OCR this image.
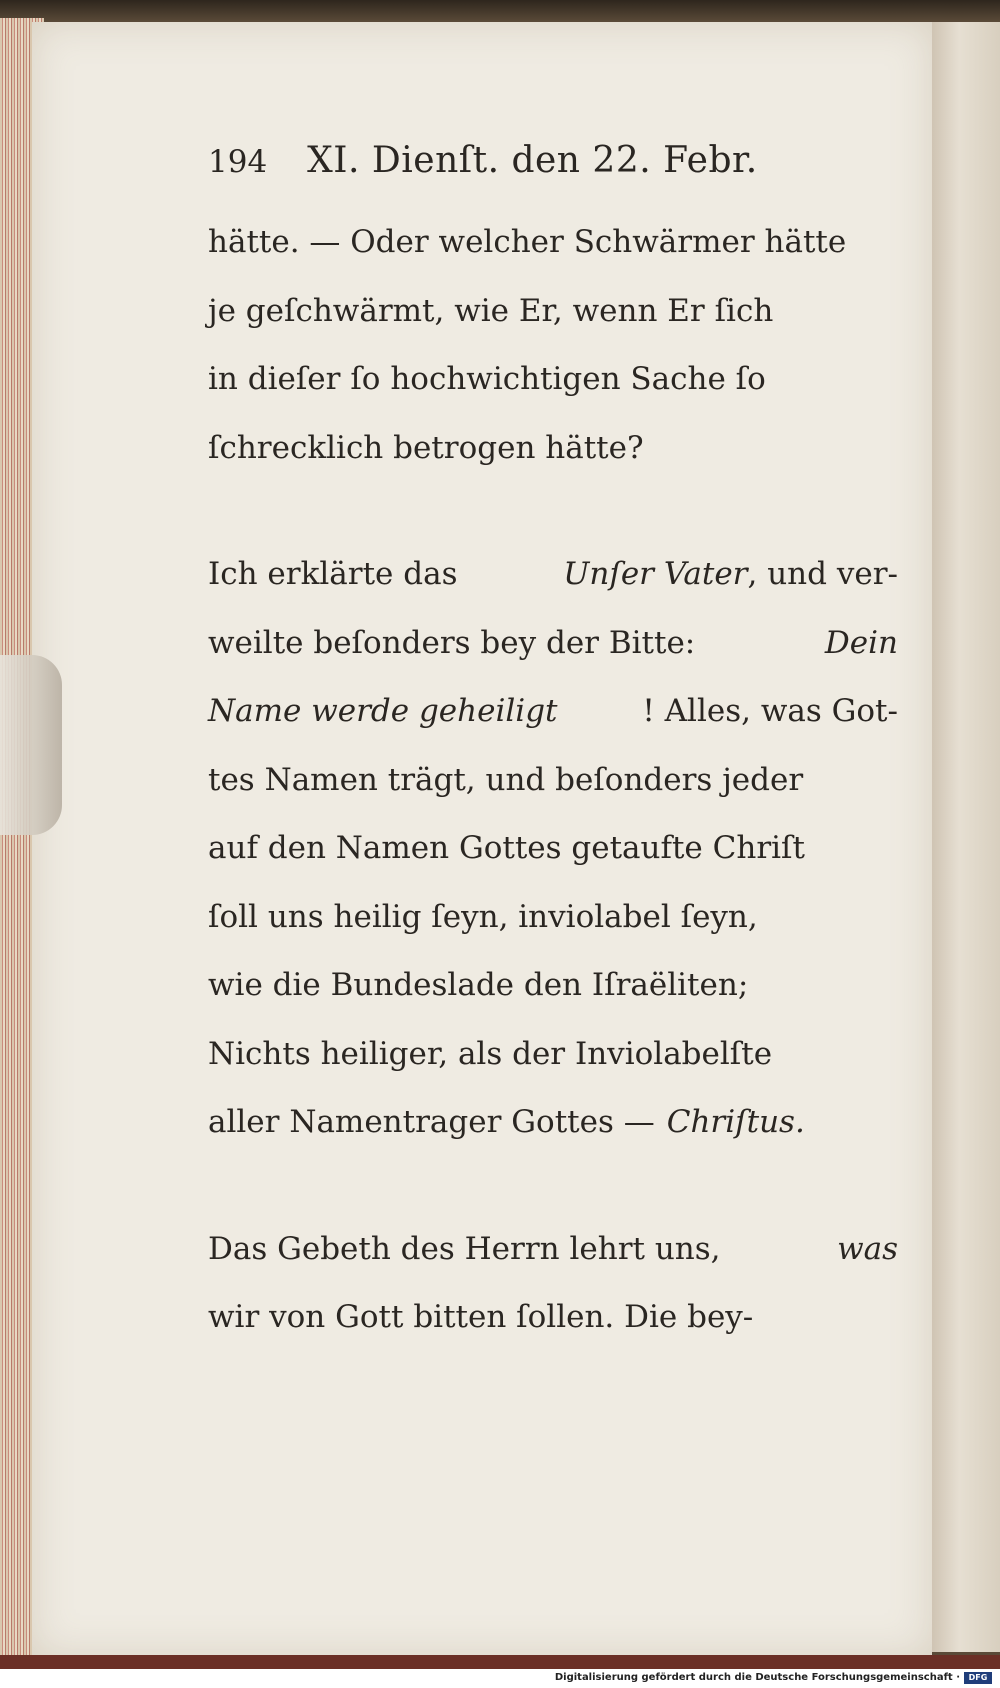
194 XI. Dienſt. den 22. Febr.
hätte. — Oder welcher Schwärmer hätte
je geſchwärmt, wie Er, wenn Er ſich
in dieſer ſo hochwichtigen Sache ſo
ſchrecklich betrogen hätte?
Ich erklärte das	Unſer Vater, und ver-
weilte beſonders bey der Bitte:	Dein
Name werde geheiligt	! Alles, was Got-
tes Namen trägt, und beſonders jeder
auf den Namen Gottes getaufte Chriſt
ſoll uns heilig ſeyn, inviolabel ſeyn,
wie die Bundeslade den Iſraëliten;
Nichts heiliger, als der Inviolabelſte
aller Namentrager Gottes — Chriſtus.
Das Gebeth des Herrn lehrt uns,	was
wir von Gott bitten ſollen. Die bey-
Digitalisierung gefördert durch die Deutsche Forschungsgemeinschaft ·	DFG
